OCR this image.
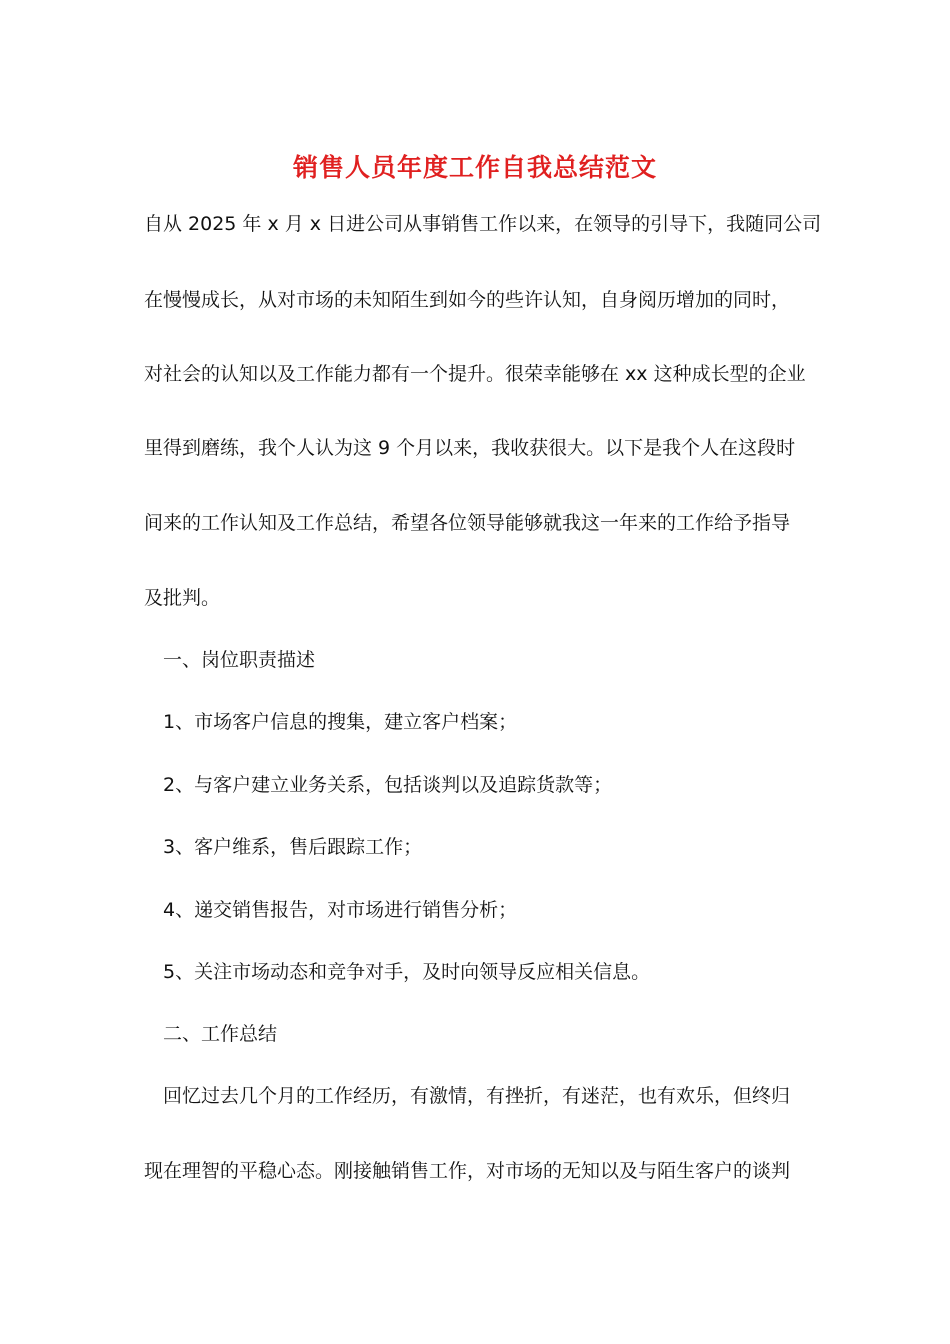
销售人员年度工作自我总结范文
自从 2025 年 x 月 x 日进公司从事销售工作以来，在领导的引导下，我随同公司
在慢慢成长，从对市场的未知陌生到如今的些许认知，自身阅历增加的同时，
对社会的认知以及工作能力都有一个提升。很荣幸能够在 xx 这种成长型的企业
里得到磨练，我个人认为这 9 个月以来，我收获很大。以下是我个人在这段时
间来的工作认知及工作总结，希望各位领导能够就我这一年来的工作给予指导
及批判。
一、岗位职责描述
1、市场客户信息的搜集，建立客户档案；
2、与客户建立业务关系，包括谈判以及追踪货款等；
3、客户维系，售后跟踪工作；
4、递交销售报告，对市场进行销售分析；
5、关注市场动态和竞争对手，及时向领导反应相关信息。
二、工作总结
回忆过去几个月的工作经历，有激情，有挫折，有迷茫，也有欢乐，但终归
现在理智的平稳心态。刚接触销售工作，对市场的无知以及与陌生客户的谈判
